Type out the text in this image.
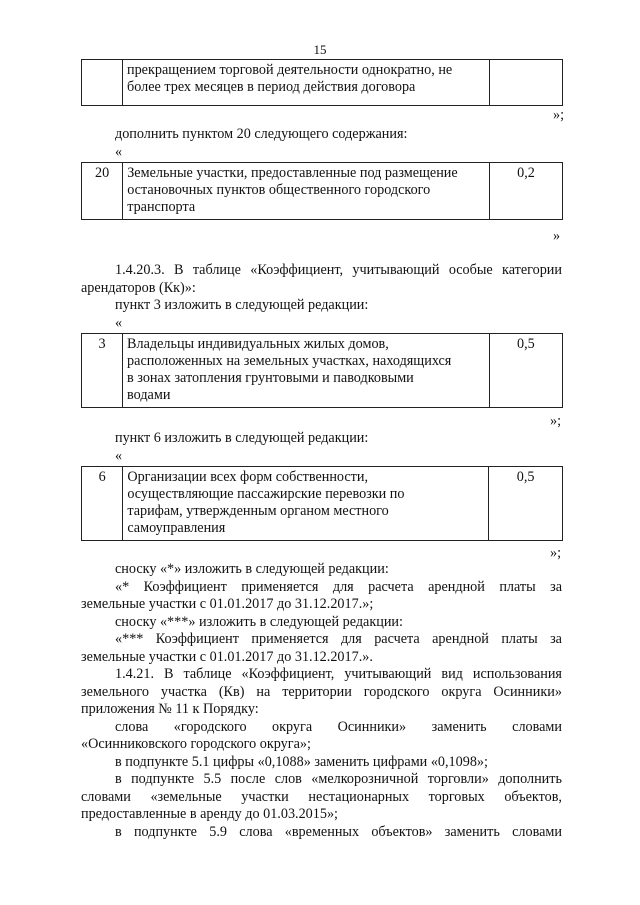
15

прекращением торговой деятельности однократно, не
более трех месяцев в период действия договора

»;
дополнить пунктом 20 следующего содержания:
«
20	Земельные участки, предоставленные под размещение
остановочных пунктов общественного городского
транспорта
	0,2
»
1.4.20.3. В таблице «Коэффициент, учитывающий особые категории
арендаторов (Кк)»:
пункт 3 изложить в следующей редакции:
«
3	Владельцы индивидуальных жилых домов,
расположенных на земельных участках, находящихся
в зонах затопления грунтовыми и паводковыми
водами
	0,5
»;
пункт 6 изложить в следующей редакции:
«
6	Организации всех форм собственности,
осуществляющие пассажирские перевозки по
тарифам, утвержденным органом местного
самоуправления
	0,5
»;
сноску «*» изложить в следующей редакции:
«* Коэффициент применяется для расчета арендной платы за
земельные участки с 01.01.2017 до 31.12.2017.»;
сноску «***» изложить в следующей редакции:
«*** Коэффициент применяется для расчета арендной платы за
земельные участки с 01.01.2017 до 31.12.2017.».
1.4.21. В таблице «Коэффициент, учитывающий вид использования
земельного участка (Кв) на территории городского округа Осинники»
приложения № 11 к Порядку:
слова «городского округа Осинники» заменить словами
«Осинниковского городского округа»;
в подпункте 5.1 цифры «0,1088» заменить цифрами «0,1098»;
в подпункте 5.5 после слов «мелкорозничной торговли» дополнить
словами «земельные участки нестационарных торговых объектов,
предоставленные в аренду до 01.03.2015»;
в подпункте 5.9 слова «временных объектов» заменить словами
